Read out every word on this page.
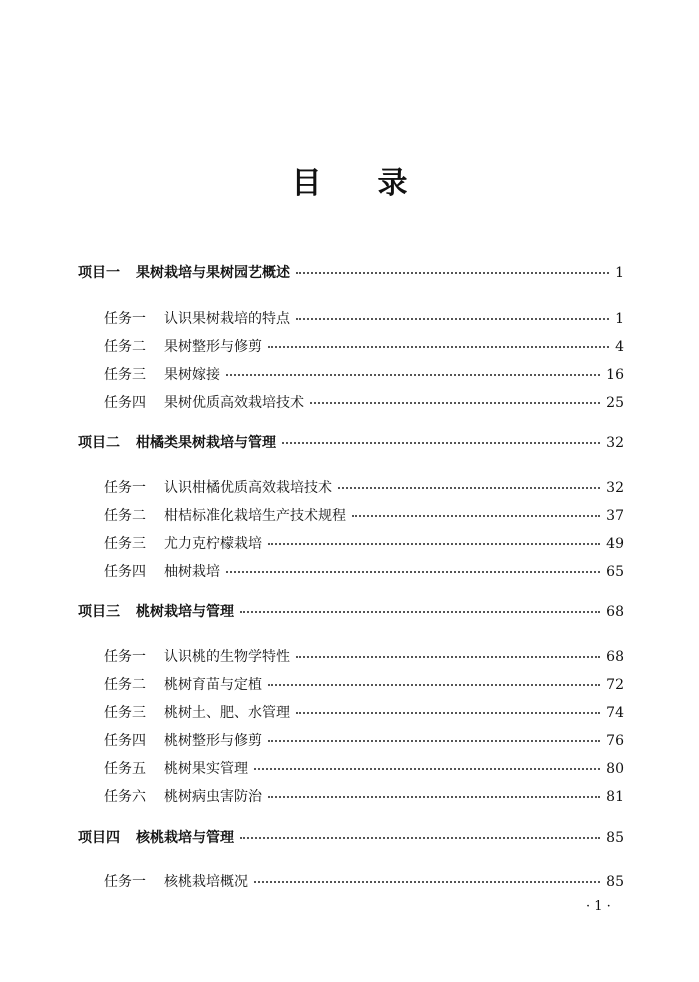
目 录
项目一	果树栽培与果树园艺概述	1
任务一	认识果树栽培的特点	1
任务二	果树整形与修剪	4
任务三	果树嫁接	16
任务四	果树优质高效栽培技术	25
项目二	柑橘类果树栽培与管理	32
任务一	认识柑橘优质高效栽培技术	32
任务二	柑桔标准化栽培生产技术规程	37
任务三	尤力克柠檬栽培	49
任务四	柚树栽培	65
项目三	桃树栽培与管理	68
任务一	认识桃的生物学特性	68
任务二	桃树育苗与定植	72
任务三	桃树土、肥、水管理	74
任务四	桃树整形与修剪	76
任务五	桃树果实管理	80
任务六	桃树病虫害防治	81
项目四	核桃栽培与管理	85
任务一	核桃栽培概况	85
· 1 ·
